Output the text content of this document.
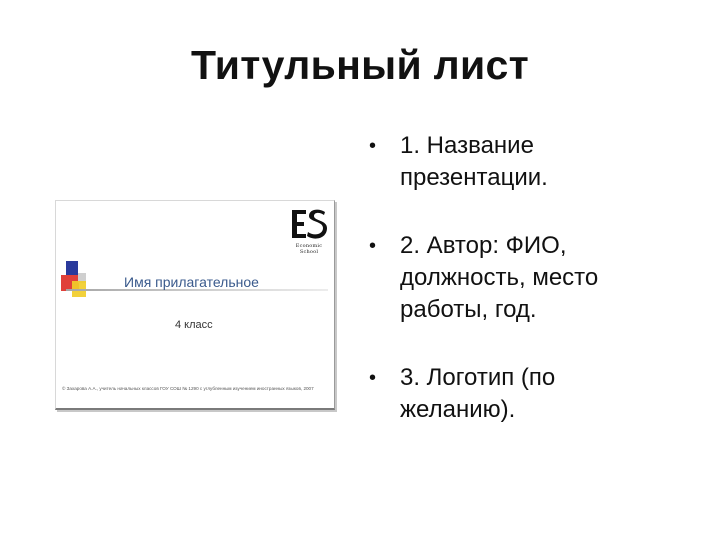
Титульный лист
Economic School
Имя прилагательное
4 класс
© Захарова А.А., учитель начальных классов ГОУ СОШ № 1290 с углубленным изучением иностранных языков, 2007
• 1. Название
презентации.
• 2. Автор: ФИО,
должность, место
работы, год.
• 3. Логотип (по
желанию).
